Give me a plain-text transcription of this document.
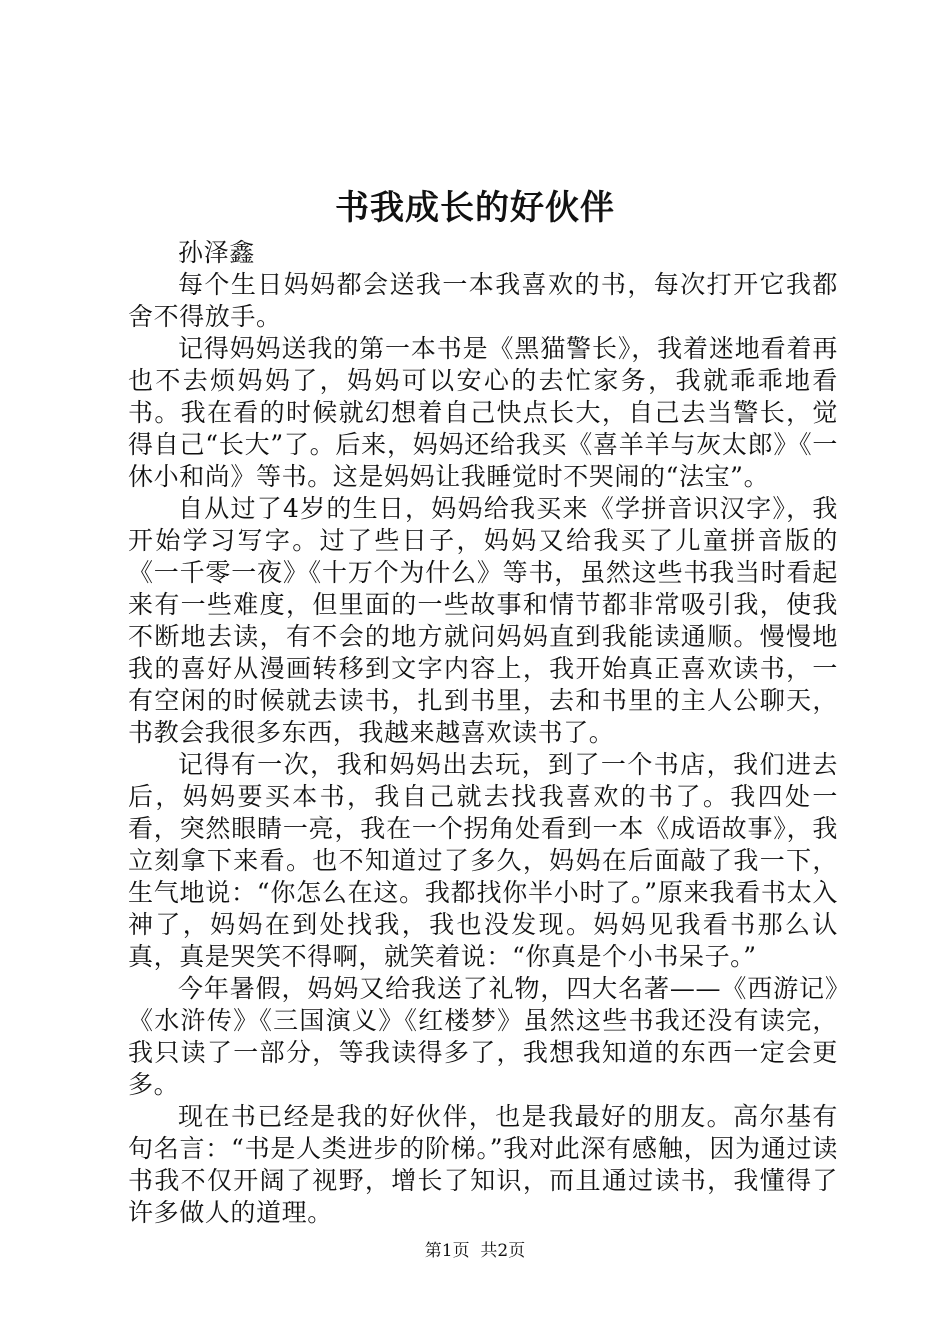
书我成长的好伙伴

孙泽鑫

每个生日妈妈都会送我一本我喜欢的书，每次打开它我都舍不得放手。

记得妈妈送我的第一本书是《黑猫警长》，我着迷地看着再也不去烦妈妈了，妈妈可以安心的去忙家务，我就乖乖地看书。我在看的时候就幻想着自己快点长大，自己去当警长，觉得自己“长大”了。后来，妈妈还给我买《喜羊羊与灰太郎》《一休小和尚》等书。这是妈妈让我睡觉时不哭闹的“法宝”。

自从过了4岁的生日，妈妈给我买来《学拼音识汉字》，我开始学习写字。过了些日子，妈妈又给我买了儿童拼音版的《一千零一夜》《十万个为什么》等书，虽然这些书我当时看起来有一些难度，但里面的一些故事和情节都非常吸引我，使我不断地去读，有不会的地方就问妈妈直到我能读通顺。慢慢地我的喜好从漫画转移到文字内容上，我开始真正喜欢读书，一有空闲的时候就去读书，扎到书里，去和书里的主人公聊天，书教会我很多东西，我越来越喜欢读书了。

记得有一次，我和妈妈出去玩，到了一个书店，我们进去后，妈妈要买本书，我自己就去找我喜欢的书了。我四处一看，突然眼睛一亮，我在一个拐角处看到一本《成语故事》，我立刻拿下来看。也不知道过了多久，妈妈在后面敲了我一下，生气地说：“你怎么在这。我都找你半小时了。”原来我看书太入神了，妈妈在到处找我，我也没发现。妈妈见我看书那么认真，真是哭笑不得啊，就笑着说：“你真是个小书呆子。”

今年暑假，妈妈又给我送了礼物，四大名著——《西游记》《水浒传》《三国演义》《红楼梦》虽然这些书我还没有读完，我只读了一部分，等我读得多了，我想我知道的东西一定会更多。

现在书已经是我的好伙伴，也是我最好的朋友。高尔基有句名言：“书是人类进步的阶梯。”我对此深有感触，因为通过读书我不仅开阔了视野，增长了知识，而且通过读书，我懂得了许多做人的道理。

第1页 共2页
